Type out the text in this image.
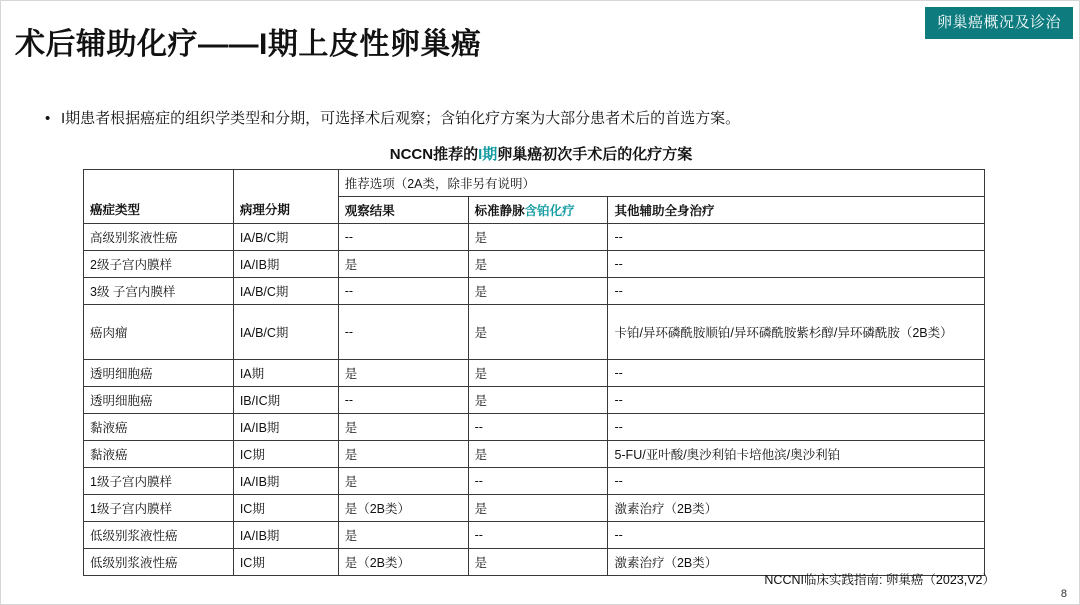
卵巢癌概况及诊治
术后辅助化疗——I期上皮性卵巢癌
• I期患者根据癌症的组织学类型和分期，可选择术后观察；含铂化疗方案为大部分患者术后的首选方案。
NCCN推荐的I期卵巢癌初次手术后的化疗方案
癌症类型	病理分期	推荐选项（2A类，除非另有说明）		
		观察结果	标准静脉含铂化疗	其他辅助全身治疗
高级别浆液性癌	IA/B/C期	--	是	--
2级子宫内膜样	IA/IB期	是	是	--
3级 子宫内膜样	IA/B/C期	--	是	--
癌肉瘤	IA/B/C期	--	是	卡铂/异环磷酰胺顺铂/异环磷酰胺紫杉醇/异环磷酰胺（2B类）
透明细胞癌	IA期	是	是	--
透明细胞癌	IB/IC期	--	是	--
黏液癌	IA/IB期	是	--	--
黏液癌	IC期	是	是	5-FU/亚叶酸/奥沙利铂卡培他滨/奥沙利铂
1级子宫内膜样	IA/IB期	是	--	--
1级子宫内膜样	IC期	是（2B类）	是	激素治疗（2B类）
低级别浆液性癌	IA/IB期	是	--	--
低级别浆液性癌	IC期	是（2B类）	是	激素治疗（2B类）
NCCNI临床实践指南: 卵巢癌（2023,V2）
8
